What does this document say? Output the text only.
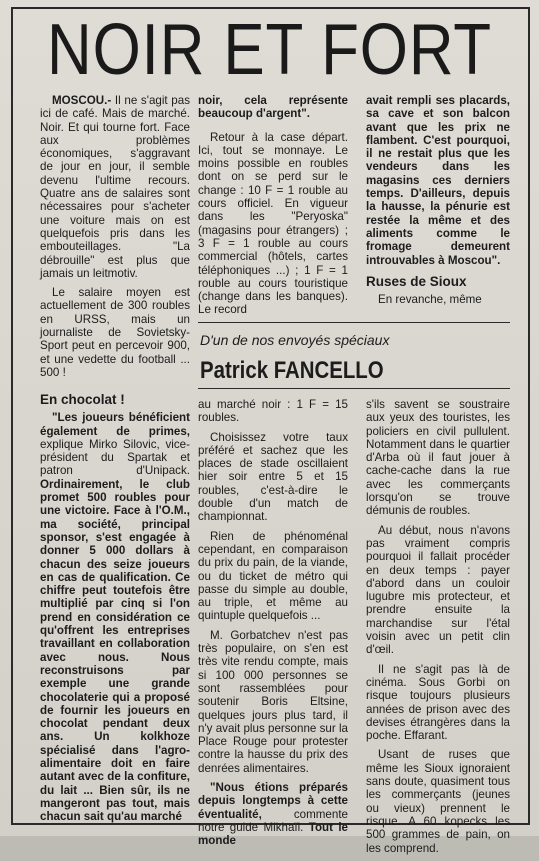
NOIR ET FORT

MOSCOU.- Il ne s'agit pas ici de café. Mais de marché. Noir. Et qui tourne fort. Face aux problèmes économiques, s'aggravant de jour en jour, il semble devenu l'ultime recours. Quatre ans de salaires sont nécessaires pour s'acheter une voiture mais on est quelquefois pris dans les embouteillages. "La débrouille" est plus que jamais un leitmotiv.

Le salaire moyen est actuellement de 300 roubles en URSS, mais un journaliste de Sovietsky-Sport peut en percevoir 900, et une vedette du football ... 500 !

noir, cela représente beaucoup d'argent".

Retour à la case départ. Ici, tout se monnaye. Le moins possible en roubles dont on se perd sur le change : 10 F = 1 rouble au cours officiel. En vigueur dans les "Peryoska" (magasins pour étrangers) ; 3 F = 1 rouble au cours commercial (hôtels, cartes téléphoniques ...) ; 1 F = 1 rouble au cours touristique (change dans les banques). Le record

avait rempli ses placards, sa cave et son balcon avant que les prix ne flambent. C'est pourquoi, il ne restait plus que les vendeurs dans les magasins ces derniers temps. D'ailleurs, depuis la hausse, la pénurie est restée la même et des aliments comme le fromage demeurent introuvables à Moscou".

Ruses de Sioux

En revanche, même

D'un de nos envoyés spéciaux
Patrick FANCELLO
En chocolat !

"Les joueurs bénéficient également de primes, explique Mirko Silovic, vice-président du Spartak et patron d'Unipack. Ordinairement, le club promet 500 roubles pour une victoire. Face à l'O.M., ma société, principal sponsor, s'est engagée à donner 5 000 dollars à chacun des seize joueurs en cas de qualification. Ce chiffre peut toutefois être multiplié par cinq si l'on prend en considération ce qu'offrent les entreprises travaillant en collaboration avec nous. Nous reconstruisons par exemple une grande chocolaterie qui a proposé de fournir les joueurs en chocolat pendant deux ans. Un kolkhoze spécialisé dans l'agro-alimentaire doit en faire autant avec de la confiture, du lait ... Bien sûr, ils ne mangeront pas tout, mais chacun sait qu'au marché

au marché noir : 1 F = 15 roubles.

Choisissez votre taux préféré et sachez que les places de stade oscillaient hier soir entre 5 et 15 roubles, c'est-à-dire le double d'un match de championnat.

Rien de phénoménal cependant, en comparaison du prix du pain, de la viande, ou du ticket de métro qui passe du simple au double, au triple, et même au quintuple quelquefois ...

M. Gorbatchev n'est pas très populaire, on s'en est très vite rendu compte, mais si 100 000 personnes se sont rassemblées pour soutenir Boris Eltsine, quelques jours plus tard, il n'y avait plus personne sur la Place Rouge pour protester contre la hausse du prix des denrées alimentaires.

"Nous étions préparés depuis longtemps à cette éventualité, commente notre guide Mikhaïl. Tout le monde

s'ils savent se soustraire aux yeux des touristes, les policiers en civil pullulent. Notamment dans le quartier d'Arba où il faut jouer à cache-cache dans la rue avec les commerçants lorsqu'on se trouve démunis de roubles.

Au début, nous n'avons pas vraiment compris pourquoi il fallait procéder en deux temps : payer d'abord dans un couloir lugubre mis protecteur, et prendre ensuite la marchandise sur l'étal voisin avec un petit clin d'œil.

Il ne s'agit pas là de cinéma. Sous Gorbi on risque toujours plusieurs années de prison avec des devises étrangères dans la poche. Effarant.

Usant de ruses que même les Sioux ignoraient sans doute, quasiment tous les commerçants (jeunes ou vieux) prennent le risque. A 60 kopecks les 500 grammes de pain, on les comprend.
